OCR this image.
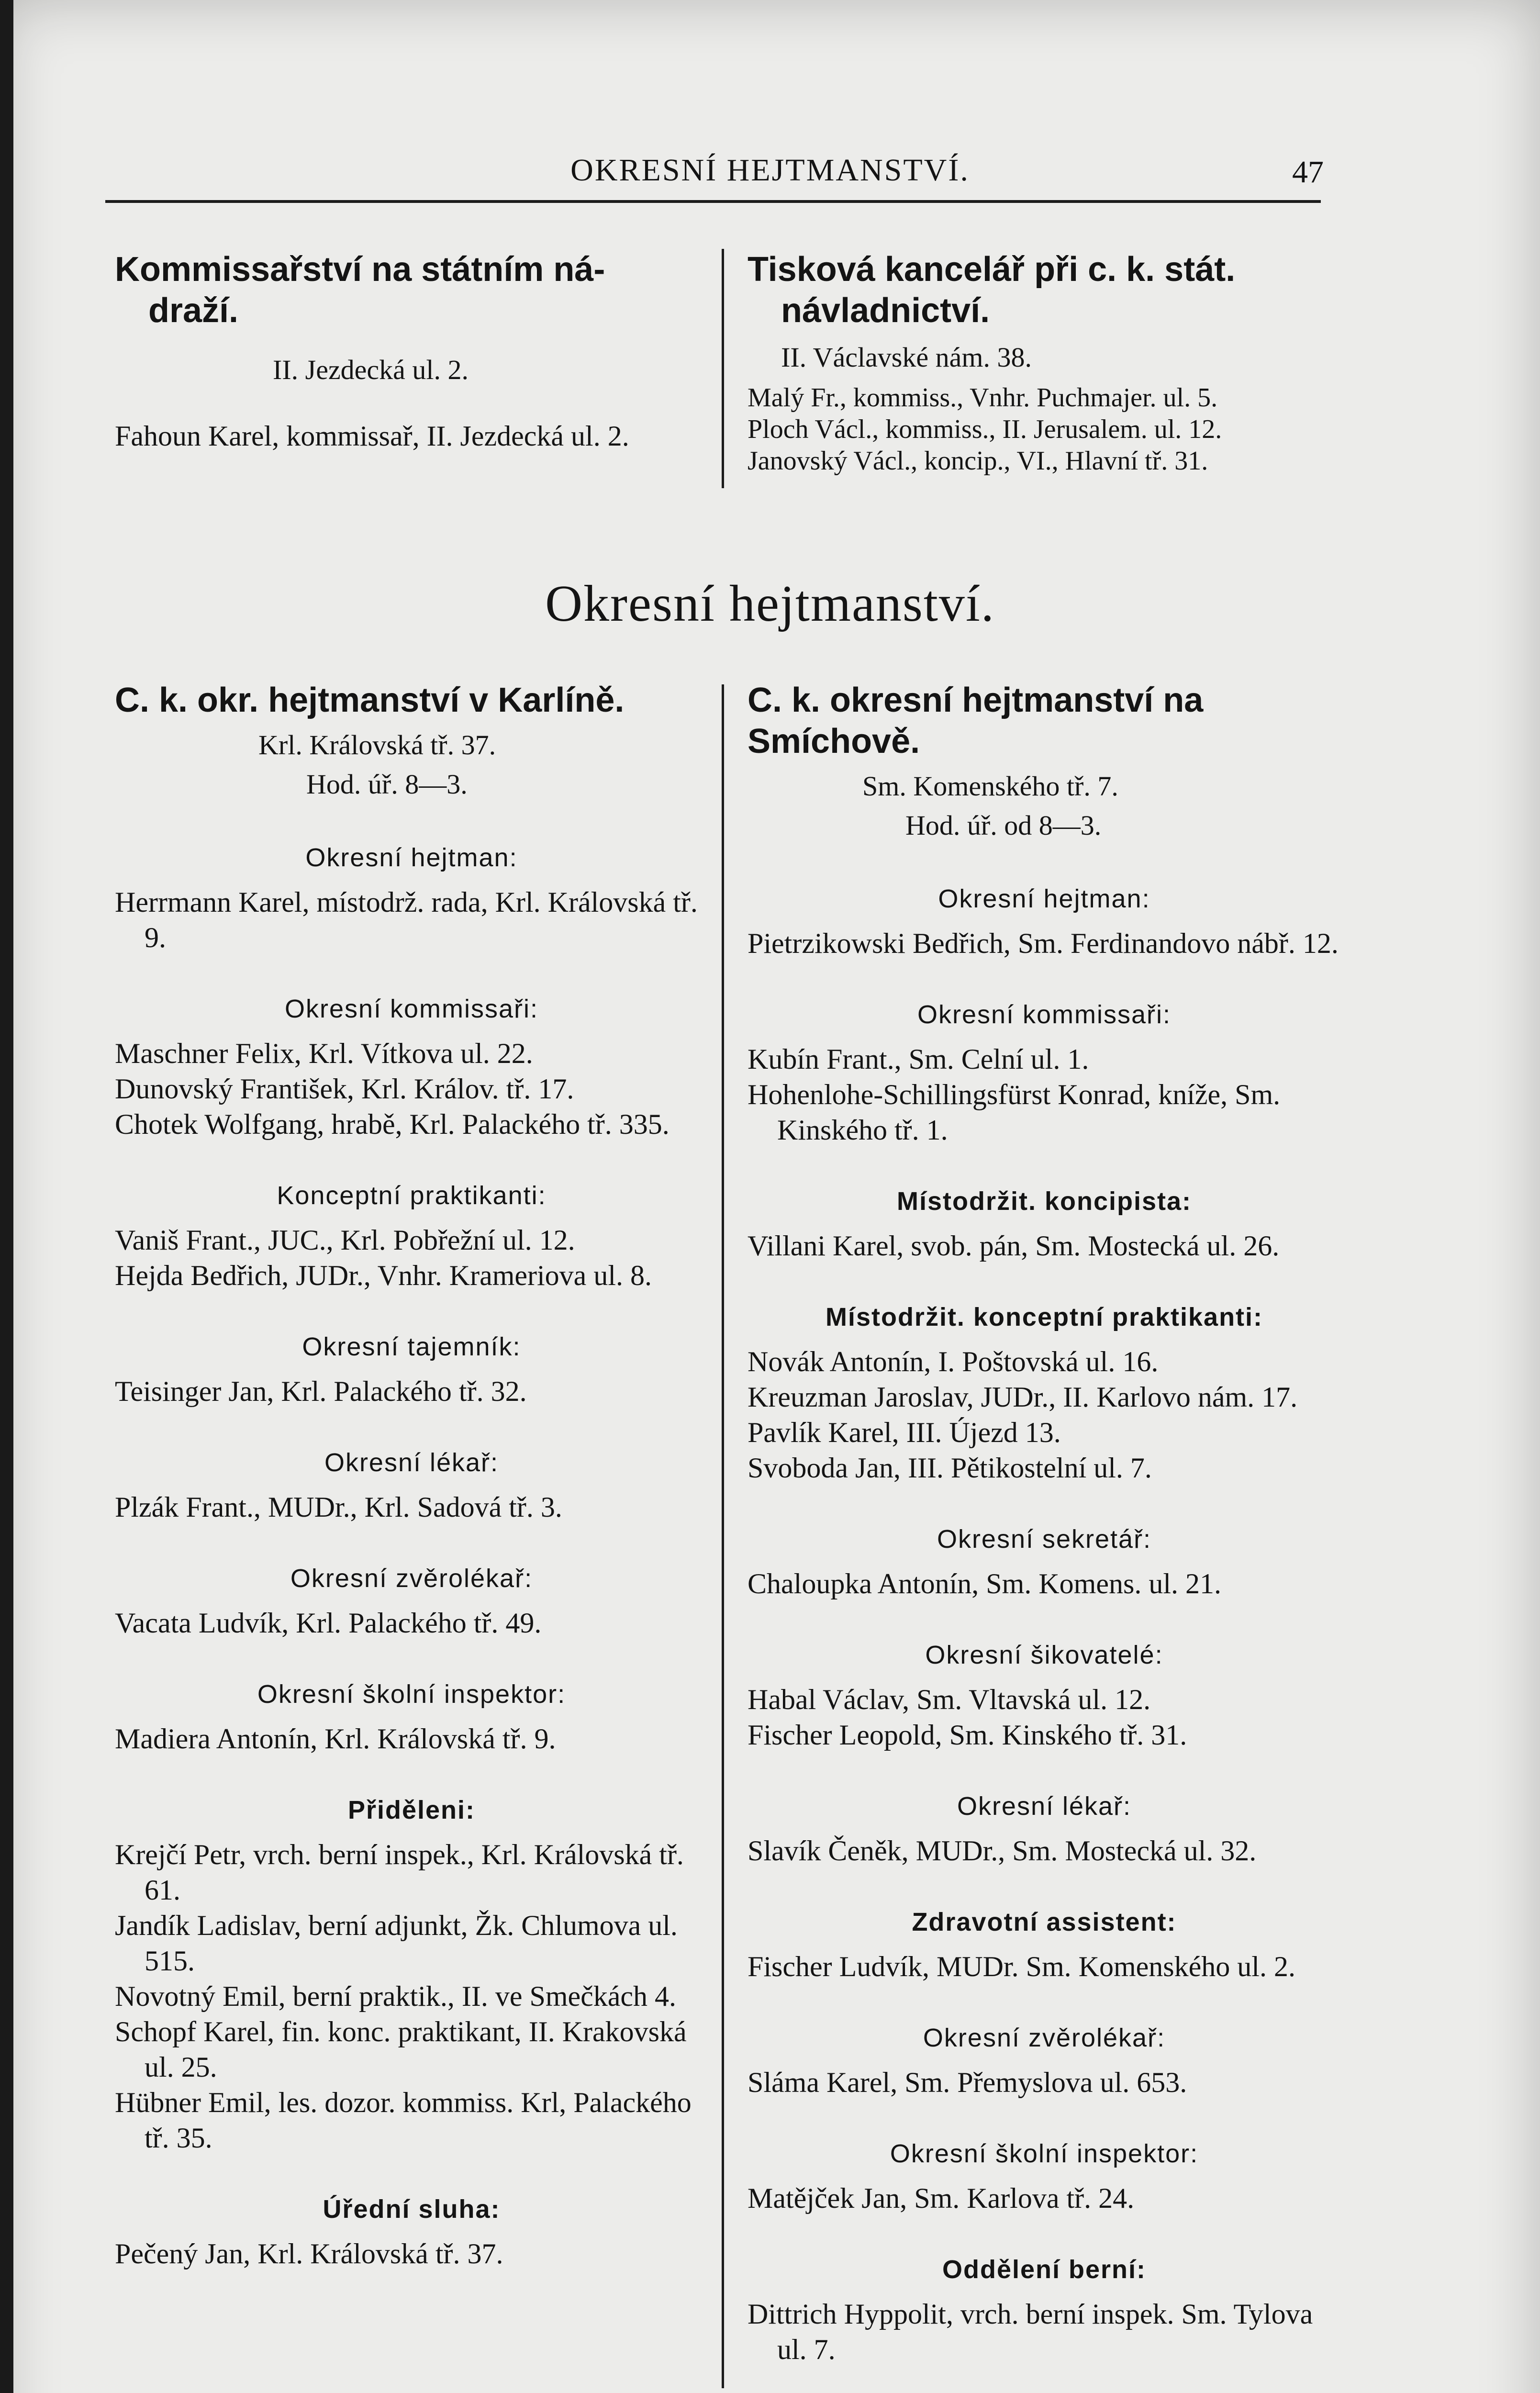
OKRESNÍ HEJTMANSTVÍ.	47

Kommissařství na státním ná-
draží.

II. Jezdecká ul. 2.

Fahoun Karel, kommissař, II. Jezdecká ul. 2.

Tisková kancelář při c. k. stát.
návladnictví.

II. Václavské nám. 38.

Malý Fr., kommiss., Vnhr. Puchmajer. ul. 5.

Ploch Václ., kommiss., II. Jerusalem. ul. 12.

Janovský Václ., koncip., VI., Hlavní tř. 31.

Okresní hejtmanství.

C. k. okr. hejtmanství v Karlíně.

Krl. Královská tř. 37.

Hod. úř. 8—3.

Okresní hejtman:

Herrmann Karel, místodrž. rada, Krl. Královská tř. 9.

Okresní kommissaři:

Maschner Felix, Krl. Vítkova ul. 22.

Dunovský František, Krl. Králov. tř. 17.

Chotek Wolfgang, hrabě, Krl. Palackého tř. 335.

Konceptní praktikanti:

Vaniš Frant., JUC., Krl. Pobřežní ul. 12.

Hejda Bedřich, JUDr., Vnhr. Krameriova ul. 8.

Okresní tajemník:

Teisinger Jan, Krl. Palackého tř. 32.

Okresní lékař:

Plzák Frant., MUDr., Krl. Sadová tř. 3.

Okresní zvěrolékař:

Vacata Ludvík, Krl. Palackého tř. 49.

Okresní školní inspektor:

Madiera Antonín, Krl. Královská tř. 9.

Přiděleni:

Krejčí Petr, vrch. berní inspek., Krl. Královská tř. 61.

Jandík Ladislav, berní adjunkt, Žk. Chlumova ul. 515.

Novotný Emil, berní praktik., II. ve Smečkách 4.

Schopf Karel, fin. konc. praktikant, II. Krakovská ul. 25.

Hübner Emil, les. dozor. kommiss. Krl, Palackého tř. 35.

Úřední sluha:

Pečený Jan, Krl. Královská tř. 37.

C. k. okresní hejtmanství na
Smíchově.

Sm. Komenského tř. 7.

Hod. úř. od 8—3.

Okresní hejtman:

Pietrzikowski Bedřich, Sm. Ferdinandovo nábř. 12.

Okresní kommissaři:

Kubín Frant., Sm. Celní ul. 1.

Hohenlohe-Schillingsfürst Konrad, kníže, Sm. Kinského tř. 1.

Místodržit. koncipista:

Villani Karel, svob. pán, Sm. Mostecká ul. 26.

Místodržit. konceptní praktikanti:

Novák Antonín, I. Poštovská ul. 16.

Kreuzman Jaroslav, JUDr., II. Karlovo nám. 17.

Pavlík Karel, III. Újezd 13.

Svoboda Jan, III. Pětikostelní ul. 7.

Okresní sekretář:

Chaloupka Antonín, Sm. Komens. ul. 21.

Okresní šikovatelé:

Habal Václav, Sm. Vltavská ul. 12.

Fischer Leopold, Sm. Kinského tř. 31.

Okresní lékař:

Slavík Čeněk, MUDr., Sm. Mostecká ul. 32.

Zdravotní assistent:

Fischer Ludvík, MUDr. Sm. Komenského ul. 2.

Okresní zvěrolékař:

Sláma Karel, Sm. Přemyslova ul. 653.

Okresní školní inspektor:

Matějček Jan, Sm. Karlova tř. 24.

Oddělení berní:

Dittrich Hyppolit, vrch. berní inspek. Sm. Tylova ul. 7.
